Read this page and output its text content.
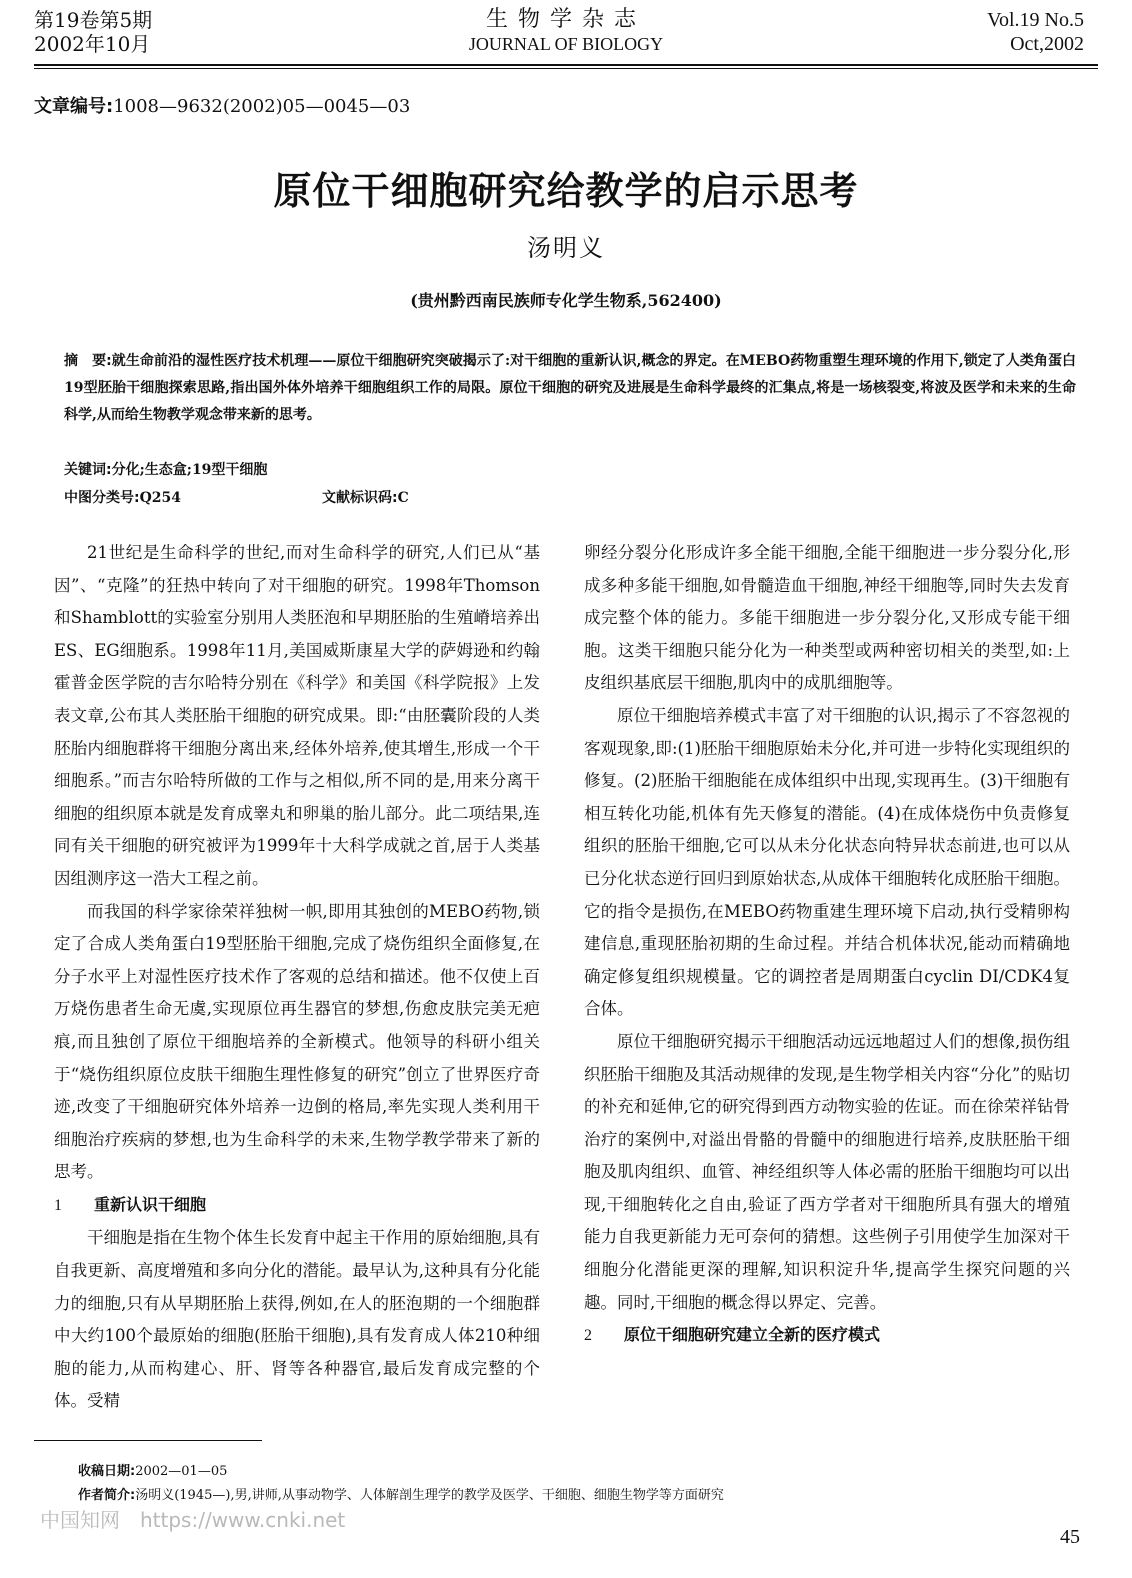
第19卷第5期
2002年10月
生物学杂志
JOURNAL OF BIOLOGY
Vol.19 No.5
Oct,2002
文章编号:1008—9632(2002)05—0045—03
原位干细胞研究给教学的启示思考
汤明义
(贵州黔西南民族师专化学生物系,562400)
摘　要:就生命前沿的湿性医疗技术机理——原位干细胞研究突破揭示了:对干细胞的重新认识,概念的界定。在MEBO药物重塑生理环境的作用下,锁定了人类角蛋白19型胚胎干细胞探索思路,指出国外体外培养干细胞组织工作的局限。原位干细胞的研究及进展是生命科学最终的汇集点,将是一场核裂变,将波及医学和未来的生命科学,从而给生物教学观念带来新的思考。
关键词:分化;生态盒;19型干细胞
中图分类号:Q254	文献标识码:C

21世纪是生命科学的世纪,而对生命科学的研究,人们已从“基因”、“克隆”的狂热中转向了对干细胞的研究。1998年Thomson和Shamblott的实验室分别用人类胚泡和早期胚胎的生殖嵴培养出ES、EG细胞系。1998年11月,美国威斯康星大学的萨姆逊和约翰霍普金医学院的吉尔哈特分别在《科学》和美国《科学院报》上发表文章,公布其人类胚胎干细胞的研究成果。即:“由胚囊阶段的人类胚胎内细胞群将干细胞分离出来,经体外培养,使其增生,形成一个干细胞系。”而吉尔哈特所做的工作与之相似,所不同的是,用来分离干细胞的组织原本就是发育成睾丸和卵巢的胎儿部分。此二项结果,连同有关干细胞的研究被评为1999年十大科学成就之首,居于人类基因组测序这一浩大工程之前。

而我国的科学家徐荣祥独树一帜,即用其独创的MEBO药物,锁定了合成人类角蛋白19型胚胎干细胞,完成了烧伤组织全面修复,在分子水平上对湿性医疗技术作了客观的总结和描述。他不仅使上百万烧伤患者生命无虞,实现原位再生器官的梦想,伤愈皮肤完美无疤痕,而且独创了原位干细胞培养的全新模式。他领导的科研小组关于“烧伤组织原位皮肤干细胞生理性修复的研究”创立了世界医疗奇迹,改变了干细胞研究体外培养一边倒的格局,率先实现人类利用干细胞治疗疾病的梦想,也为生命科学的未来,生物学教学带来了新的思考。

1 重新认识干细胞

干细胞是指在生物个体生长发育中起主干作用的原始细胞,具有自我更新、高度增殖和多向分化的潜能。最早认为,这种具有分化能力的细胞,只有从早期胚胎上获得,例如,在人的胚泡期的一个细胞群中大约100个最原始的细胞(胚胎干细胞),具有发育成人体210种细胞的能力,从而构建心、肝、肾等各种器官,最后发育成完整的个体。受精

卵经分裂分化形成许多全能干细胞,全能干细胞进一步分裂分化,形成多种多能干细胞,如骨髓造血干细胞,神经干细胞等,同时失去发育成完整个体的能力。多能干细胞进一步分裂分化,又形成专能干细胞。这类干细胞只能分化为一种类型或两种密切相关的类型,如:上皮组织基底层干细胞,肌肉中的成肌细胞等。

原位干细胞培养模式丰富了对干细胞的认识,揭示了不容忽视的客观现象,即:(1)胚胎干细胞原始未分化,并可进一步特化实现组织的修复。(2)胚胎干细胞能在成体组织中出现,实现再生。(3)干细胞有相互转化功能,机体有先天修复的潜能。(4)在成体烧伤中负责修复组织的胚胎干细胞,它可以从未分化状态向特异状态前进,也可以从已分化状态逆行回归到原始状态,从成体干细胞转化成胚胎干细胞。它的指令是损伤,在MEBO药物重建生理环境下启动,执行受精卵构建信息,重现胚胎初期的生命过程。并结合机体状况,能动而精确地确定修复组织规模量。它的调控者是周期蛋白cyclin DI/CDK4复合体。

原位干细胞研究揭示干细胞活动远远地超过人们的想像,损伤组织胚胎干细胞及其活动规律的发现,是生物学相关内容“分化”的贴切的补充和延伸,它的研究得到西方动物实验的佐证。而在徐荣祥钻骨治疗的案例中,对溢出骨骼的骨髓中的细胞进行培养,皮肤胚胎干细胞及肌肉组织、血管、神经组织等人体必需的胚胎干细胞均可以出现,干细胞转化之自由,验证了西方学者对干细胞所具有强大的增殖能力自我更新能力无可奈何的猜想。这些例子引用使学生加深对干细胞分化潜能更深的理解,知识积淀升华,提高学生探究问题的兴趣。同时,干细胞的概念得以界定、完善。

2 原位干细胞研究建立全新的医疗模式
收稿日期:2002—01—05
作者简介:汤明义(1945—),男,讲师,从事动物学、人体解剖生理学的教学及医学、干细胞、细胞生物学等方面研究
中国知网　https://www.cnki.net
45
